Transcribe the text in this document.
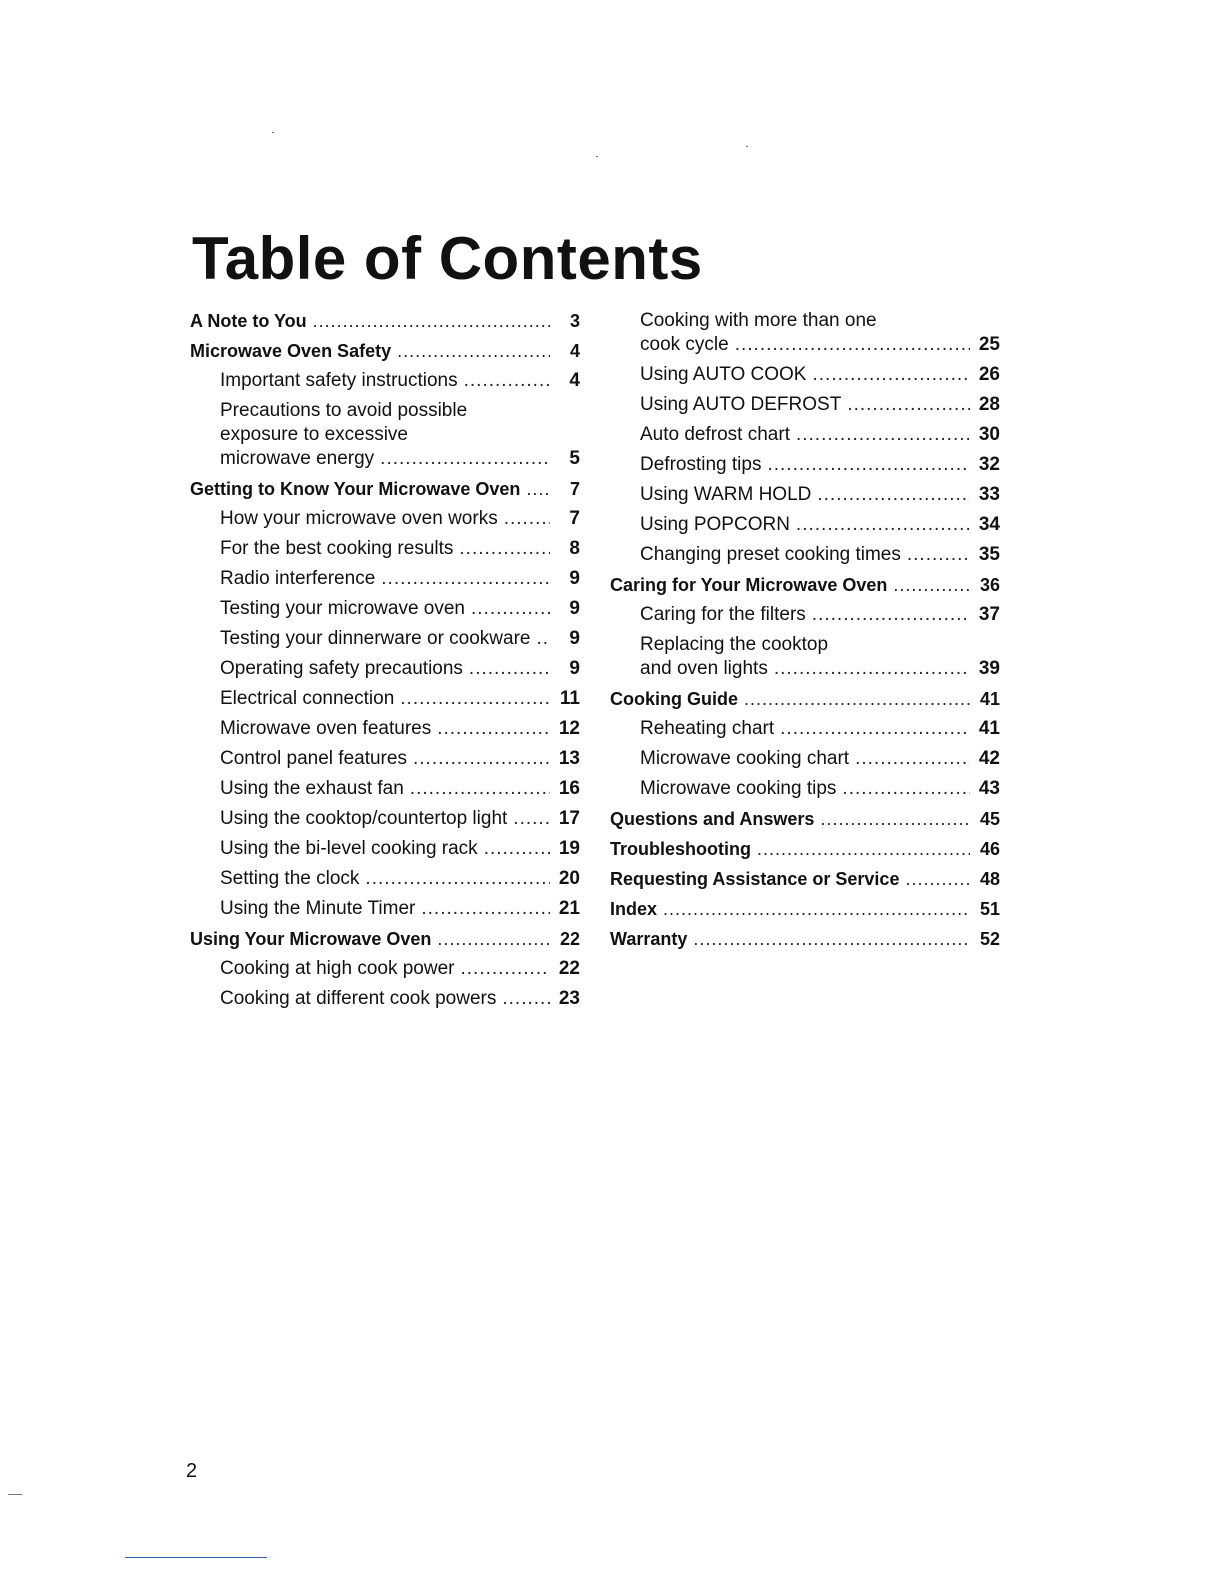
Table of Contents
A Note to You .....	3
Microwave Oven Safety .....	4
Important safety instructions .....	4
Precautions to avoid possible
exposure to excessive
microwave energy .....	5
Getting to Know Your Microwave Oven .....	7
How your microwave oven works .....	7
For the best cooking results .....	8
Radio interference .....	9
Testing your microwave oven .....	9
Testing your dinnerware or cookware .....	9
Operating safety precautions .....	9
Electrical connection .....	11
Microwave oven features .....	12
Control panel features .....	13
Using the exhaust fan .....	16
Using the cooktop/countertop light .....	17
Using the bi-level cooking rack .....	19
Setting the clock .....	20
Using the Minute Timer .....	21
Using Your Microwave Oven .....	22
Cooking at high cook power .....	22
Cooking at different cook powers .....	23
Cooking with more than one
cook cycle .....	25
Using AUTO COOK .....	26
Using AUTO DEFROST .....	28
Auto defrost chart .....	30
Defrosting tips .....	32
Using WARM HOLD .....	33
Using POPCORN .....	34
Changing preset cooking times .....	35
Caring for Your Microwave Oven .....	36
Caring for the filters .....	37
Replacing the cooktop
and oven lights .....	39
Cooking Guide .....	41
Reheating chart .....	41
Microwave cooking chart .....	42
Microwave cooking tips .....	43
Questions and Answers .....	45
Troubleshooting .....	46
Requesting Assistance or Service .....	48
Index .....	51
Warranty .....	52
2
